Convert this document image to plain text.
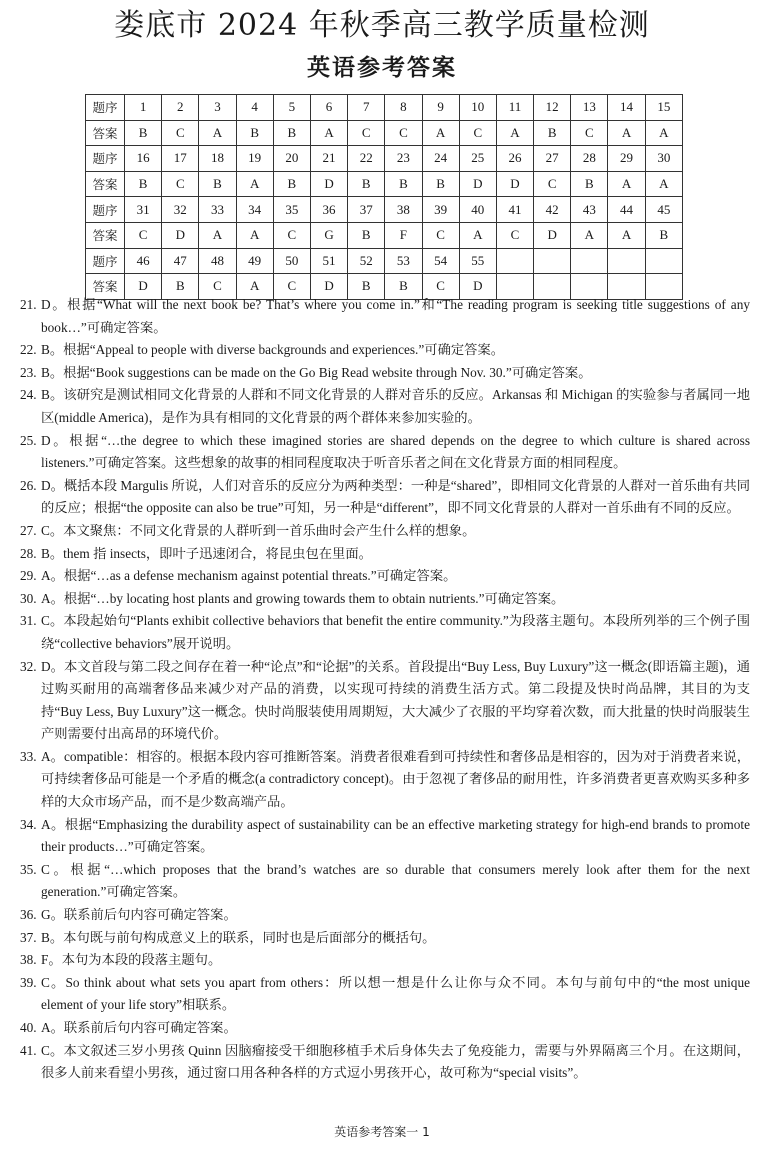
娄底市 2024 年秋季高三教学质量检测
英语参考答案
题序	1	2	3	4	5	6	7	8	9	10	11	12	13	14	15
答案	B	C	A	B	B	A	C	C	A	C	A	B	C	A	A
题序	16	17	18	19	20	21	22	23	24	25	26	27	28	29	30
答案	B	C	B	A	B	D	B	B	B	D	D	C	B	A	A
题序	31	32	33	34	35	36	37	38	39	40	41	42	43	44	45
答案	C	D	A	A	C	G	B	F	C	A	C	D	A	A	B
题序	46	47	48	49	50	51	52	53	54	55					
答案	D	B	C	A	C	D	B	B	C	D					
21. D。根据“What will the next book be? That’s where you come in.”和“The reading program is seeking title suggestions of any book…”可确定答案。
22. B。根据“Appeal to people with diverse backgrounds and experiences.”可确定答案。
23. B。根据“Book suggestions can be made on the Go Big Read website through Nov. 30.”可确定答案。
24. B。该研究是测试相同文化背景的人群和不同文化背景的人群对音乐的反应。Arkansas 和 Michigan 的实验参与者属同一地区(middle America)，是作为具有相同的文化背景的两个群体来参加实验的。
25. D。根据“…the degree to which these imagined stories are shared depends on the degree to which culture is shared across listeners.”可确定答案。这些想象的故事的相同程度取决于听音乐者之间在文化背景方面的相同程度。
26. D。概括本段 Margulis 所说，人们对音乐的反应分为两种类型：一种是“shared”，即相同文化背景的人群对一首乐曲有共同的反应；根据“the opposite can also be true”可知，另一种是“different”，即不同文化背景的人群对一首乐曲有不同的反应。
27. C。本文聚焦：不同文化背景的人群听到一首乐曲时会产生什么样的想象。
28. B。them 指 insects，即叶子迅速闭合，将昆虫包在里面。
29. A。根据“…as a defense mechanism against potential threats.”可确定答案。
30. A。根据“…by locating host plants and growing towards them to obtain nutrients.”可确定答案。
31. C。本段起始句“Plants exhibit collective behaviors that benefit the entire community.”为段落主题句。本段所列举的三个例子围绕“collective behaviors”展开说明。
32. D。本文首段与第二段之间存在着一种“论点”和“论据”的关系。首段提出“Buy Less, Buy Luxury”这一概念(即语篇主题)，通过购买耐用的高端奢侈品来减少对产品的消费，以实现可持续的消费生活方式。第二段提及快时尚品牌，其目的为支持“Buy Less, Buy Luxury”这一概念。快时尚服装使用周期短，大大减少了衣服的平均穿着次数，而大批量的快时尚服装生产则需要付出高昂的环境代价。
33. A。compatible：相容的。根据本段内容可推断答案。消费者很难看到可持续性和奢侈品是相容的，因为对于消费者来说，可持续奢侈品可能是一个矛盾的概念(a contradictory concept)。由于忽视了奢侈品的耐用性，许多消费者更喜欢购买多种多样的大众市场产品，而不是少数高端产品。
34. A。根据“Emphasizing the durability aspect of sustainability can be an effective marketing strategy for high-end brands to promote their products…”可确定答案。
35. C。根据“…which proposes that the brand’s watches are so durable that consumers merely look after them for the next generation.”可确定答案。
36. G。联系前后句内容可确定答案。
37. B。本句既与前句构成意义上的联系，同时也是后面部分的概括句。
38. F。本句为本段的段落主题句。
39. C。So think about what sets you apart from others：所以想一想是什么让你与众不同。本句与前句中的“the most unique element of your life story”相联系。
40. A。联系前后句内容可确定答案。
41. C。本文叙述三岁小男孩 Quinn 因脑瘤接受干细胞移植手术后身体失去了免疫能力，需要与外界隔离三个月。在这期间，很多人前来看望小男孩，通过窗口用各种各样的方式逗小男孩开心，故可称为“special visits”。
英语参考答案一 1
